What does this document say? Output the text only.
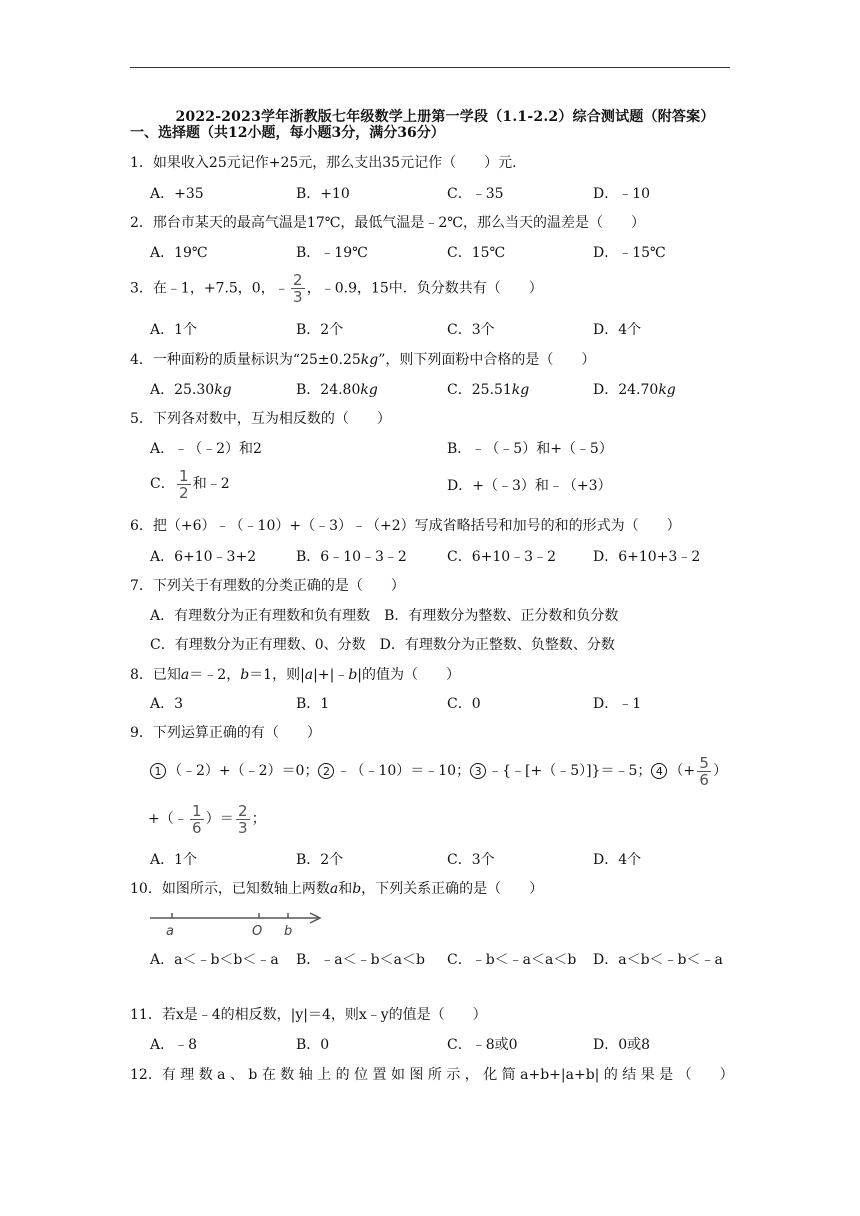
2022-2023学年浙教版七年级数学上册第一学段（1.1-2.2）综合测试题（附答案）
一、选择题（共12小题，每小题3分，满分36分）
1．如果收入25元记作+25元，那么支出35元记作（　　）元．
A．+35	B．+10	C．﹣35	D．﹣10
2．邢台市某天的最高气温是17℃，最低气温是﹣2℃，那么当天的温差是（　　）
A．19℃	B．﹣19℃	C．15℃	D．﹣15℃
3．在﹣1，+7.5，0，﹣ $\frac{2}{3}$ ，﹣0.9，15中．负分数共有（　　）
A．1个	B．2个	C．3个	D．4个
4．一种面粉的质量标识为“25±0.25kg”，则下列面粉中合格的是（　　）
A．25.30kg	B．24.80kg	C．25.51kg	D．24.70kg
5．下列各对数中，互为相反数的（　　）
A．﹣（﹣2）和2	B．﹣（﹣5）和+（﹣5）
C． $\frac{1}{2}$ 和﹣2	D．+（﹣3）和﹣（+3）
6．把（+6）﹣（﹣10）+（﹣3）﹣（+2）写成省略括号和加号的和的形式为（　　）
A．6+10﹣3+2	B．6﹣10﹣3﹣2	C．6+10﹣3﹣2	D．6+10+3﹣2
7．下列关于有理数的分类正确的是（　　）
A．有理数分为正有理数和负有理数　B．有理数分为整数、正分数和负分数
C．有理数分为正有理数、0、分数　D．有理数分为正整数、负整数、分数
8．已知a＝﹣2，b＝1，则|a|+|﹣b|的值为（　　）
A．3	B．1	C．0	D．﹣1
9．下列运算正确的有（　　）
1 （﹣2）+（﹣2）＝0； 2 ﹣（﹣10）＝﹣10； 3 ﹣{﹣[+（﹣5）]}＝﹣5； 4 （+ $\frac{5}{6}$ ）
+（﹣ $\frac{1}{6}$ ）＝ $\frac{2}{3}$ ；
A．1个	B．2个	C．3个	D．4个
10．如图所示，已知数轴上两数a和b，下列关系正确的是（　　）
a	O b
A．a＜﹣b＜b＜﹣a B．﹣a＜﹣b＜a＜b C．﹣b＜﹣a＜a＜b D．a＜b＜﹣b＜﹣a
11．若x是﹣4的相反数，|y|＝4，则x﹣y的值是（　　）
A．﹣8	B．0	C．﹣8或0	D．0或8
12．有 理 数 a 、 b 在 数 轴 上 的 位 置 如 图 所 示 ， 化 简 a+b+|a+b| 的 结 果 是 （　　）
